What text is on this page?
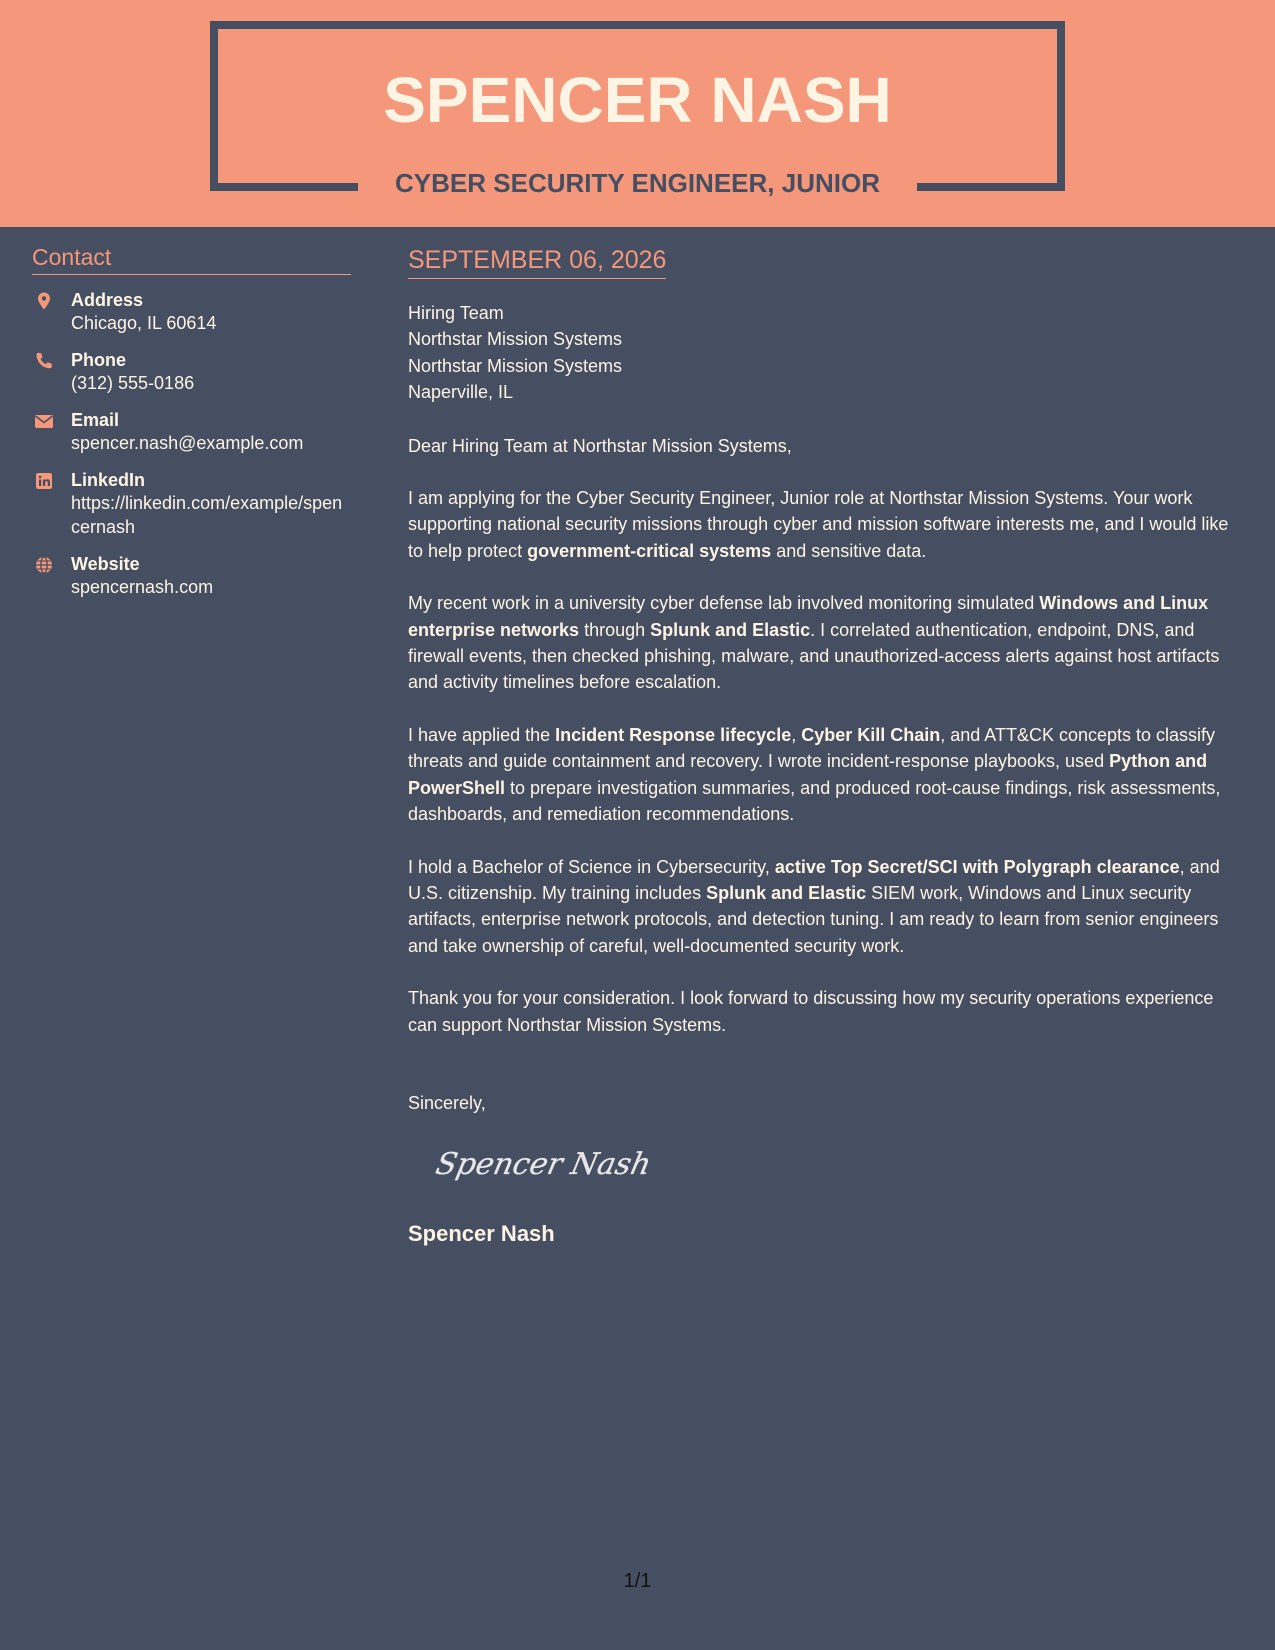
SPENCER NASH
CYBER SECURITY ENGINEER, JUNIOR
Contact
Address
Chicago, IL 60614
Phone
(312) 555-0186
Email
spencer.nash@example.com
LinkedIn
https://linkedin.com/example/spencernash
Website
spencernash.com
SEPTEMBER 06, 2026
Hiring Team
Northstar Mission Systems
Northstar Mission Systems
Naperville, IL
Dear Hiring Team at Northstar Mission Systems,

I am applying for the Cyber Security Engineer, Junior role at Northstar Mission Systems. Your work supporting national security missions through cyber and mission software interests me, and I would like to help protect government-critical systems and sensitive data.

My recent work in a university cyber defense lab involved monitoring simulated Windows and Linux enterprise networks through Splunk and Elastic. I correlated authentication, endpoint, DNS, and firewall events, then checked phishing, malware, and unauthorized-access alerts against host artifacts and activity timelines before escalation.

I have applied the Incident Response lifecycle, Cyber Kill Chain, and ATT&CK concepts to classify threats and guide containment and recovery. I wrote incident-response playbooks, used Python and PowerShell to prepare investigation summaries, and produced root-cause findings, risk assessments, dashboards, and remediation recommendations.

I hold a Bachelor of Science in Cybersecurity, active Top Secret/SCI with Polygraph clearance, and U.S. citizenship. My training includes Splunk and Elastic SIEM work, Windows and Linux security artifacts, enterprise network protocols, and detection tuning. I am ready to learn from senior engineers and take ownership of careful, well-documented security work.

Thank you for your consideration. I look forward to discussing how my security operations experience can support Northstar Mission Systems.

Sincerely,
Spencer Nash
Spencer Nash
1/1
